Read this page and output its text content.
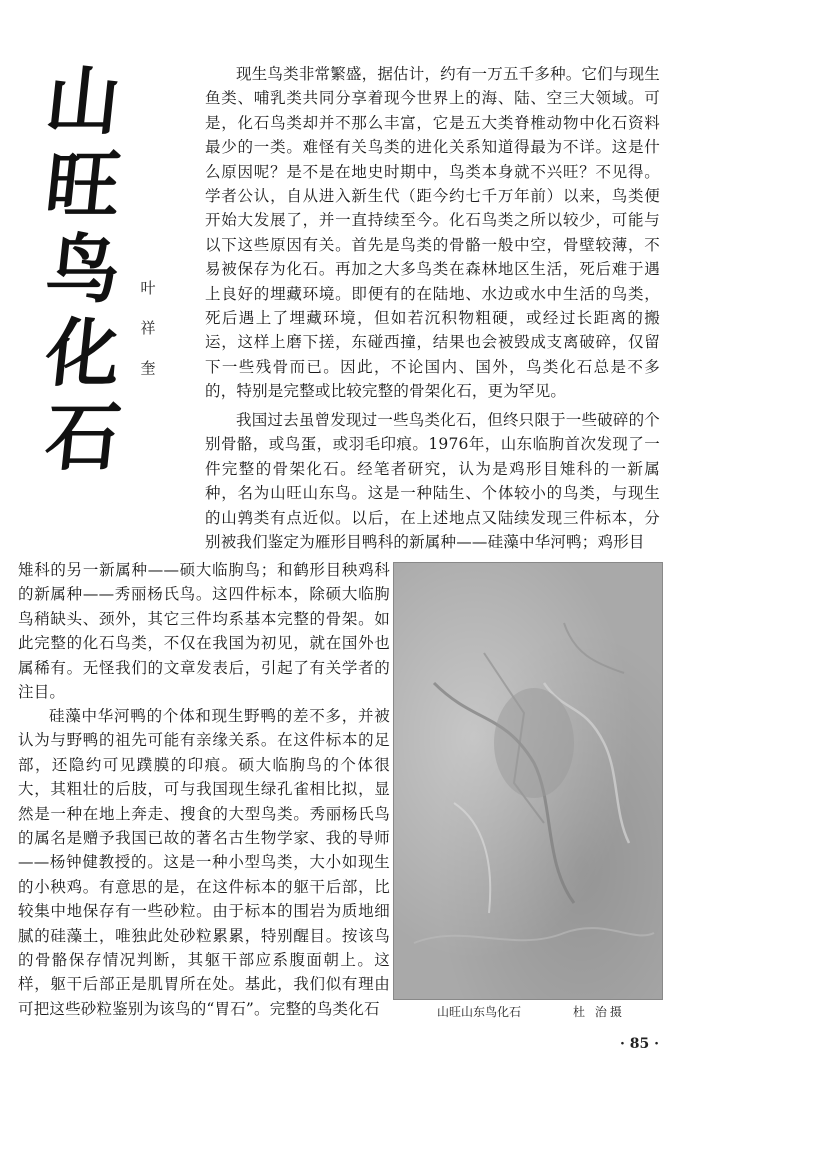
山
旺
鸟
化
石
叶
祥
奎

现生鸟类非常繁盛，据估计，约有一万五千多种。它们与现生鱼类、哺乳类共同分享着现今世界上的海、陆、空三大领域。可是，化石鸟类却并不那么丰富，它是五大类脊椎动物中化石资料最少的一类。难怪有关鸟类的进化关系知道得最为不详。这是什么原因呢？是不是在地史时期中，鸟类本身就不兴旺？不见得。学者公认，自从进入新生代（距今约七千万年前）以来，鸟类便开始大发展了，并一直持续至今。化石鸟类之所以较少，可能与以下这些原因有关。首先是鸟类的骨骼一般中空，骨壁较薄，不易被保存为化石。再加之大多鸟类在森林地区生活，死后难于遇上良好的埋藏环境。即便有的在陆地、水边或水中生活的鸟类，死后遇上了埋藏环境，但如若沉积物粗硬，或经过长距离的搬运，这样上磨下搓，东碰西撞，结果也会被毁成支离破碎，仅留下一些残骨而已。因此，不论国内、国外，鸟类化石总是不多的，特别是完整或比较完整的骨架化石，更为罕见。

我国过去虽曾发现过一些鸟类化石，但终只限于一些破碎的个别骨骼，或鸟蛋，或羽毛印痕。1976年，山东临朐首次发现了一件完整的骨架化石。经笔者研究，认为是鸡形目雉科的一新属种，名为山旺山东鸟。这是一种陆生、个体较小的鸟类，与现生的山鹑类有点近似。以后，在上述地点又陆续发现三件标本，分别被我们鉴定为雁形目鸭科的新属种——硅藻中华河鸭；鸡形目

雉科的另一新属种——硕大临朐鸟；和鹤形目秧鸡科的新属种——秀丽杨氏鸟。这四件标本，除硕大临朐鸟稍缺头、颈外，其它三件均系基本完整的骨架。如此完整的化石鸟类，不仅在我国为初见，就在国外也属稀有。无怪我们的文章发表后，引起了有关学者的注目。

硅藻中华河鸭的个体和现生野鸭的差不多，并被认为与野鸭的祖先可能有亲缘关系。在这件标本的足部，还隐约可见蹼膜的印痕。硕大临朐鸟的个体很大，其粗壮的后肢，可与我国现生绿孔雀相比拟，显然是一种在地上奔走、搜食的大型鸟类。秀丽杨氏鸟的属名是赠予我国已故的著名古生物学家、我的导师——杨钟健教授的。这是一种小型鸟类，大小如现生的小秧鸡。有意思的是，在这件标本的躯干后部，比较集中地保存有一些砂粒。由于标本的围岩为质地细腻的硅藻土，唯独此处砂粒累累，特别醒目。按该鸟的骨骼保存情况判断，其躯干部应系腹面朝上。这样，躯干后部正是肌胃所在处。基此，我们似有理由可把这些砂粒鉴别为该鸟的“胃石”。完整的鸟类化石	山旺山东鸟化石	杜 治摄
· 85 ·
